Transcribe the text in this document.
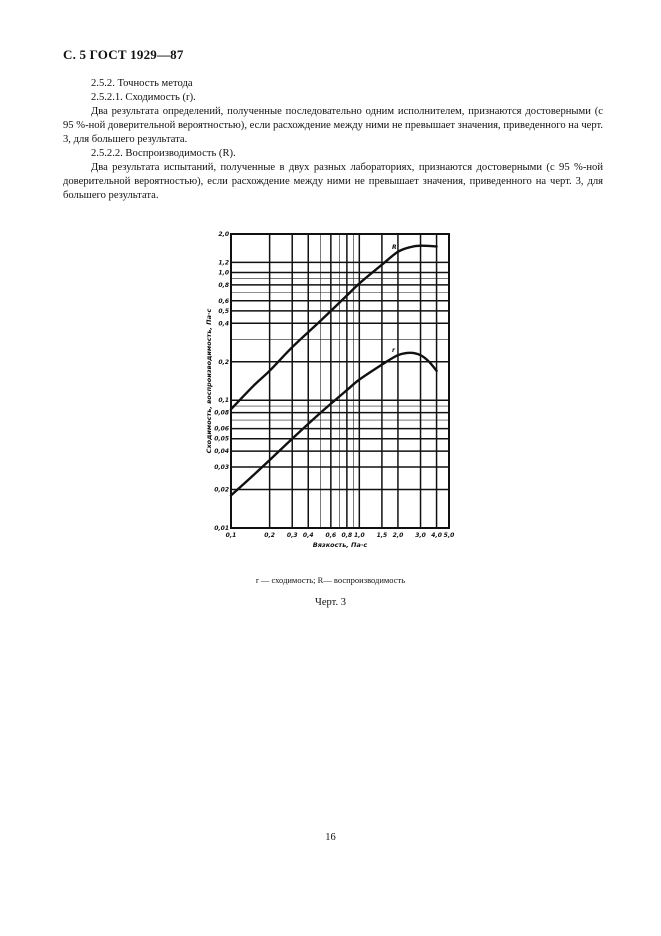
С. 5 ГОСТ 1929—87

2.5.2. Точность метода

2.5.2.1. Сходимость (r).

Два результата определений, полученные последовательно одним исполнителем, признаются достоверными (с 95 %-ной доверительной вероятностью), если расхождение между ними не превышает значения, приведенного на черт. 3, для большего результата.

2.5.2.2. Воспроизводимость (R).

Два результата испытаний, полученные в двух разных лабораториях, признаются достоверными (с 95 %-ной доверительной вероятностью), если расхождение между ними не превышает значения, приведенного на черт. 3, для большего результата.

R
r
0,1	0,2 0,3 0,4 0,6 0,8 1,0 1,5 2,0 3,0 4,0 5,0
0,01
0,02
0,03
0,04
0,05
0,06
0,08
0,1
0,2
0,4
0,5
0,6
0,8
1,0
1,2
2,0
Вязкость, Па·с
Сходимость, воспроизводимость, Па·с
r — сходимость; R— воспроизводимость
Черт. 3
16
